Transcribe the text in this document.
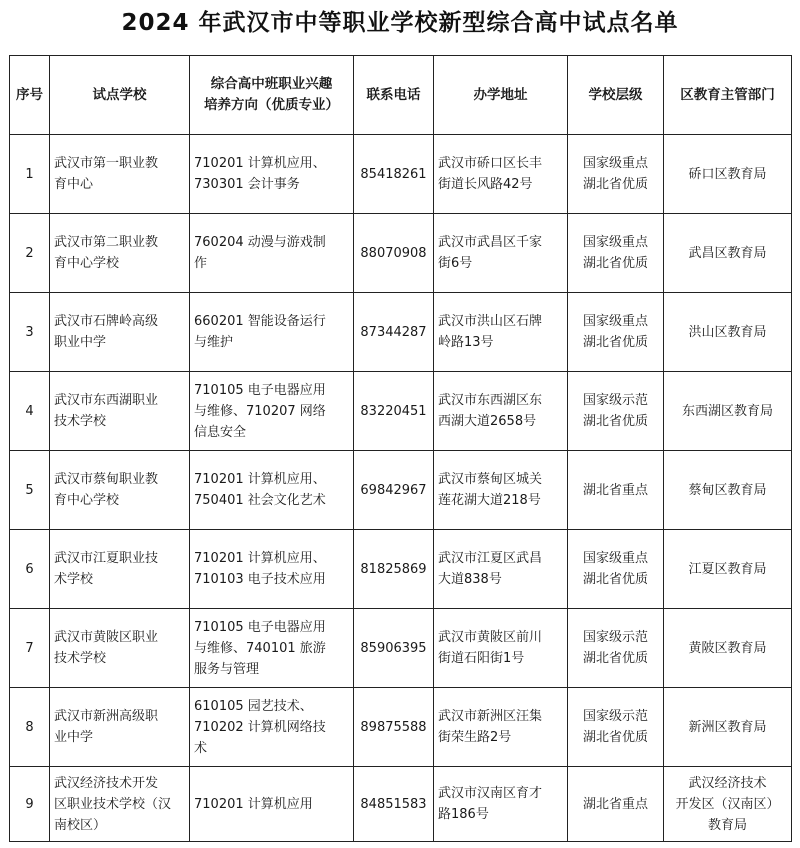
2024 年武汉市中等职业学校新型综合高中试点名单
序号	试点学校	综合高中班职业兴趣
培养方向（优质专业）	联系电话	办学地址	学校层级	区教育主管部门
1	武汉市第一职业教
育中心	710201 计算机应用、
730301 会计事务	85418261	武汉市硚口区长丰
街道长风路42号	国家级重点
湖北省优质	硚口区教育局
2	武汉市第二职业教
育中心学校	760204 动漫与游戏制
作	88070908	武汉市武昌区千家
街6号	国家级重点
湖北省优质	武昌区教育局
3	武汉市石牌岭高级
职业中学	660201 智能设备运行
与维护	87344287	武汉市洪山区石牌
岭路13号	国家级重点
湖北省优质	洪山区教育局
4	武汉市东西湖职业
技术学校	710105 电子电器应用
与维修、710207 网络
信息安全	83220451	武汉市东西湖区东
西湖大道2658号	国家级示范
湖北省优质	东西湖区教育局
5	武汉市蔡甸职业教
育中心学校	710201 计算机应用、
750401 社会文化艺术	69842967	武汉市蔡甸区城关
莲花湖大道218号	湖北省重点	蔡甸区教育局
6	武汉市江夏职业技
术学校	710201 计算机应用、
710103 电子技术应用	81825869	武汉市江夏区武昌
大道838号	国家级重点
湖北省优质	江夏区教育局
7	武汉市黄陂区职业
技术学校	710105 电子电器应用
与维修、740101 旅游
服务与管理	85906395	武汉市黄陂区前川
街道石阳街1号	国家级示范
湖北省优质	黄陂区教育局
8	武汉市新洲高级职
业中学	610105 园艺技术、
710202 计算机网络技
术	89875588	武汉市新洲区汪集
街荣生路2号	国家级示范
湖北省优质	新洲区教育局
9	武汉经济技术开发
区职业技术学校（汉
南校区）	710201 计算机应用	84851583	武汉市汉南区育才
路186号	湖北省重点	武汉经济技术
开发区（汉南区）
教育局
